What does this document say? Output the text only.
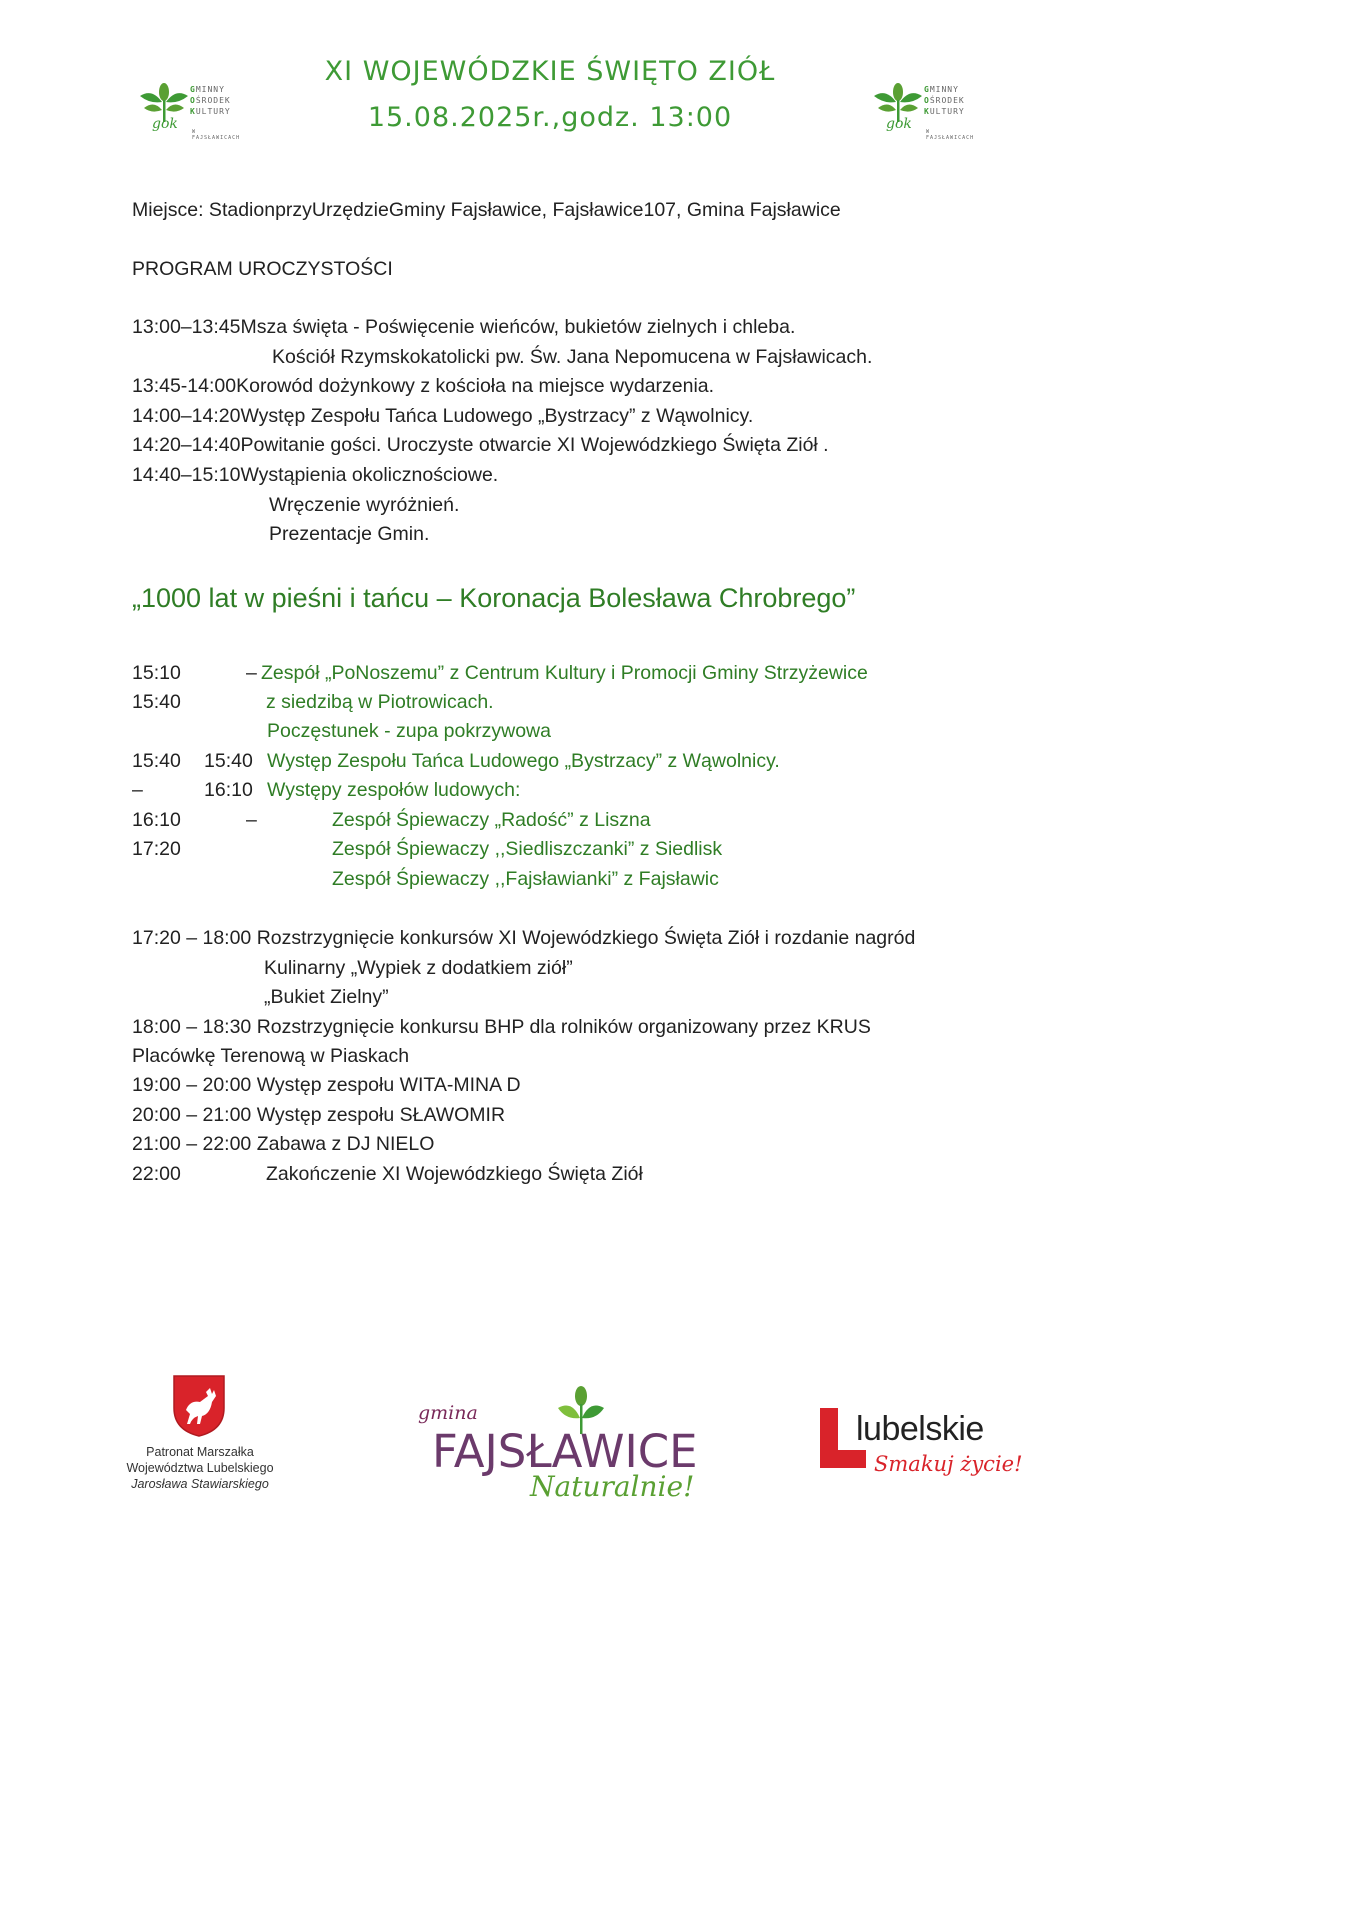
gok
GMINNY
OŚRODEK
KULTURY
W FAJSŁAWICACH
gok
GMINNY
OŚRODEK
KULTURY
W FAJSŁAWICACH
XI WOJEWÓDZKIE ŚWIĘTO ZIÓŁ
15.08.2025r.,godz. 13:00
Miejsce: StadionprzyUrzędzieGminy Fajsławice, Fajsławice107, Gmina Fajsławice
PROGRAM UROCZYSTOŚCI
13:00–13:45Msza święta - Poświęcenie wieńców, bukietów zielnych i chleba.
Kościół Rzymskokatolicki pw. Św. Jana Nepomucena w Fajsławicach.
13:45-14:00Korowód dożynkowy z kościoła na miejsce wydarzenia.
14:00–14:20Występ Zespołu Tańca Ludowego „Bystrzacy” z Wąwolnicy.
14:20–14:40Powitanie gości. Uroczyste otwarcie XI Wojewódzkiego Święta Ziół .
14:40–15:10Wystąpienia okolicznościowe.
Wręczenie wyróżnień.
Prezentacje Gmin.
„1000 lat w pieśni i tańcu – Koronacja Bolesława Chrobrego”
15:10
15:40
15:40
–
16:10
17:20
–
15:40
16:10
–
Zespół „PoNoszemu” z Centrum Kultury i Promocji Gminy Strzyżewice
z siedzibą w Piotrowicach.
Poczęstunek - zupa pokrzywowa
Występ Zespołu Tańca Ludowego „Bystrzacy” z Wąwolnicy.
Występy zespołów ludowych:
Zespół Śpiewaczy „Radość” z Liszna
Zespół Śpiewaczy ,,Siedliszczanki” z Siedlisk
Zespół Śpiewaczy ,,Fajsławianki” z Fajsławic
17:20 – 18:00 Rozstrzygnięcie konkursów XI Wojewódzkiego Święta Ziół i rozdanie nagród
Kulinarny „Wypiek z dodatkiem ziół”
„Bukiet Zielny”
18:00 – 18:30 Rozstrzygnięcie konkursu BHP dla rolników organizowany przez KRUS
Placówkę Terenową w Piaskach
19:00 – 20:00 Występ zespołu WITA-MINA D
20:00 – 21:00 Występ zespołu SŁAWOMIR
21:00 – 22:00 Zabawa z DJ NIELO
22:00	Zakończenie XI Wojewódzkiego Święta Ziół
Patronat Marszałka
Województwa Lubelskiego
Jarosława Stawiarskiego
gmina
FAJSŁAWICE
Naturalnie!
lubelskie
Smakuj życie!
